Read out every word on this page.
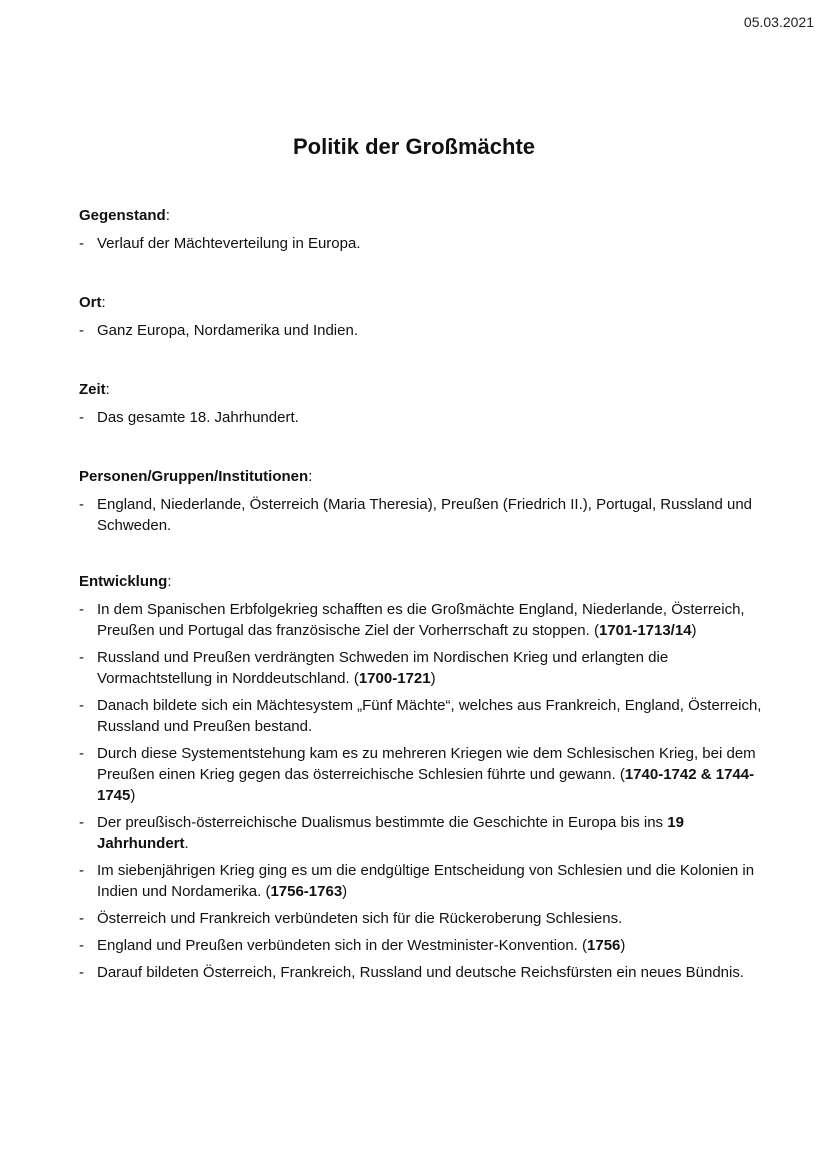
05.03.2021
Politik der Großmächte
Gegenstand:
- Verlauf der Mächteverteilung in Europa.
Ort:
- Ganz Europa, Nordamerika und Indien.
Zeit:
- Das gesamte 18. Jahrhundert.
Personen/Gruppen/Institutionen:
- England, Niederlande, Österreich (Maria Theresia), Preußen (Friedrich II.), Portugal, Russland und Schweden.
Entwicklung:
- In dem Spanischen Erbfolgekrieg schafften es die Großmächte England, Niederlande, Österreich, Preußen und Portugal das französische Ziel der Vorherrschaft zu stoppen. (1701-1713/14)
- Russland und Preußen verdrängten Schweden im Nordischen Krieg und erlangten die Vormachtstellung in Norddeutschland. (1700-1721)
- Danach bildete sich ein Mächtesystem „Fünf Mächte“, welches aus Frankreich, England, Österreich, Russland und Preußen bestand.
- Durch diese Systementstehung kam es zu mehreren Kriegen wie dem Schlesischen Krieg, bei dem Preußen einen Krieg gegen das österreichische Schlesien führte und gewann. (1740-1742 & 1744-1745)
- Der preußisch-österreichische Dualismus bestimmte die Geschichte in Europa bis ins 19 Jahrhundert.
- Im siebenjährigen Krieg ging es um die endgültige Entscheidung von Schlesien und die Kolonien in Indien und Nordamerika. (1756-1763)
- Österreich und Frankreich verbündeten sich für die Rückeroberung Schlesiens.
- England und Preußen verbündeten sich in der Westminister-Konvention. (1756)
- Darauf bildeten Österreich, Frankreich, Russland und deutsche Reichsfürsten ein neues Bündnis.
